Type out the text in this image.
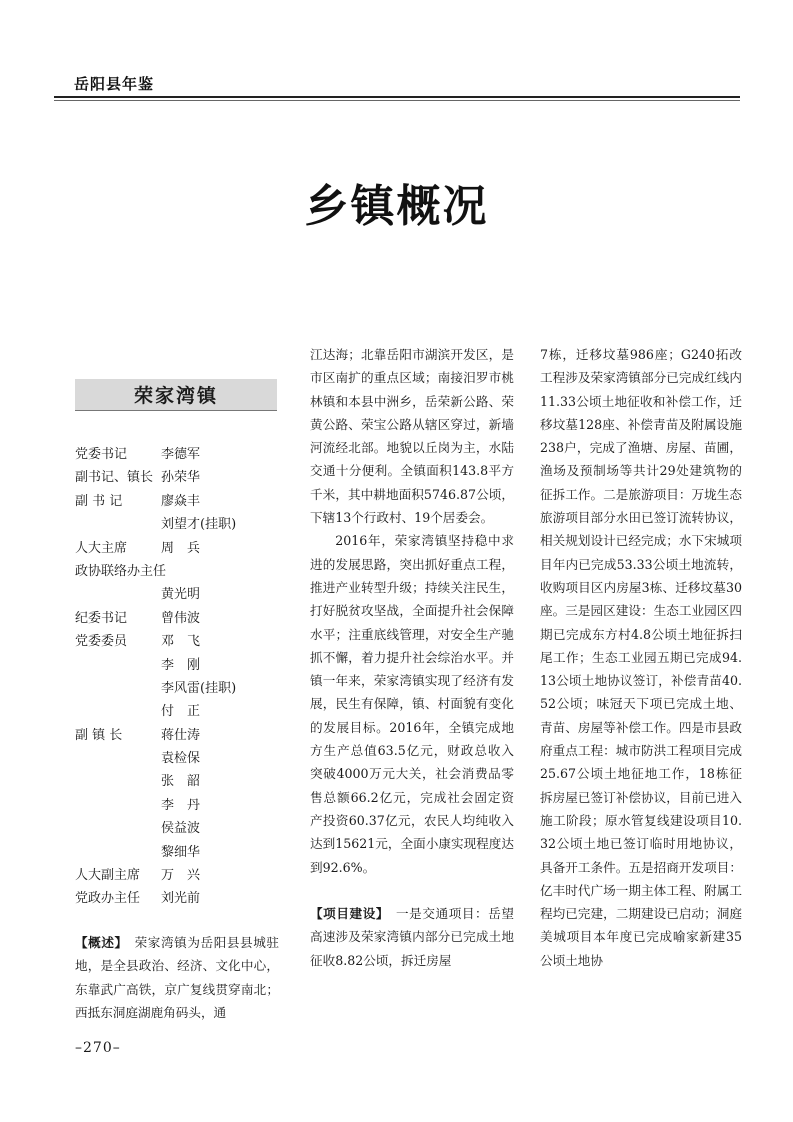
岳阳县年鉴
乡镇概况
荣家湾镇
党委书记	李德军
副书记、镇长 孙荣华
副 书 记	廖焱丰
刘望才(挂职)
人大主席	周　兵
政协联络办主任
黄光明
纪委书记	曾伟波
党委委员	邓　飞
李　刚
李风雷(挂职)
付　正
副 镇 长	蒋仕涛
袁检保
张　韶
李　丹
侯益波
黎细华
人大副主席 万　兴
党政办主任 刘光前

【概述】　 荣家湾镇为岳阳县县城驻地，是全县政治、经济、文化中心，东靠武广高铁，京广复线贯穿南北；西抵东洞庭湖鹿角码头，通

江达海；北靠岳阳市湖滨开发区，是市区南扩的重点区域；南接汨罗市桃林镇和本县中洲乡，岳荣新公路、荣黄公路、荣宝公路从辖区穿过，新墙河流经北部。地貌以丘岗为主，水陆交通十分便利。全镇面积143.8平方千米，其中耕地面积5746.87公顷，下辖13个行政村、19个居委会。

2016年，荣家湾镇坚持稳中求进的发展思路，突出抓好重点工程，推进产业转型升级；持续关注民生，打好脱贫攻坚战，全面提升社会保障水平；注重底线管理，对安全生产驰抓不懈，着力提升社会综治水平。并镇一年来，荣家湾镇实现了经济有发展，民生有保障，镇、村面貌有变化的发展目标。2016年，全镇完成地方生产总值63.5亿元，财政总收入突破4000万元大关，社会消费品零售总额66.2亿元，完成社会固定资产投资60.37亿元，农民人均纯收入达到15621元，全面小康实现程度达到92.6%。

【项目建设】　 一是交通项目：岳望高速涉及荣家湾镇内部分已完成土地征收8.82公顷，拆迁房屋

7栋，迁移坟墓986座；G240拓改工程涉及荣家湾镇部分已完成红线内11.33公顷土地征收和补偿工作，迁移坟墓128座、补偿青苗及附属设施238户，完成了渔塘、房屋、苗圃，渔场及预制场等共计29处建筑物的征拆工作。二是旅游项目：万垅生态旅游项目部分水田已签订流转协议，相关规划设计已经完成；水下宋城项目年内已完成53.33公顷土地流转，收购项目区内房屋3栋、迁移坟墓30座。三是园区建设：生态工业园区四期已完成东方村4.8公顷土地征拆扫尾工作；生态工业园五期已完成94.13公顷土地协议签订，补偿青苗40.52公顷；味冠天下项已完成土地、青苗、房屋等补偿工作。四是市县政府重点工程：城市防洪工程项目完成25.67公顷土地征地工作，18栋征拆房屋已签订补偿协议，目前已进入施工阶段；原水管复线建设项目10.32公顷土地已签订临时用地协议，具备开工条件。五是招商开发项目：亿丰时代广场一期主体工程、附属工程均已完建，二期建设已启动；洞庭美城项目本年度已完成喻家新建35公顷土地协

–270–
